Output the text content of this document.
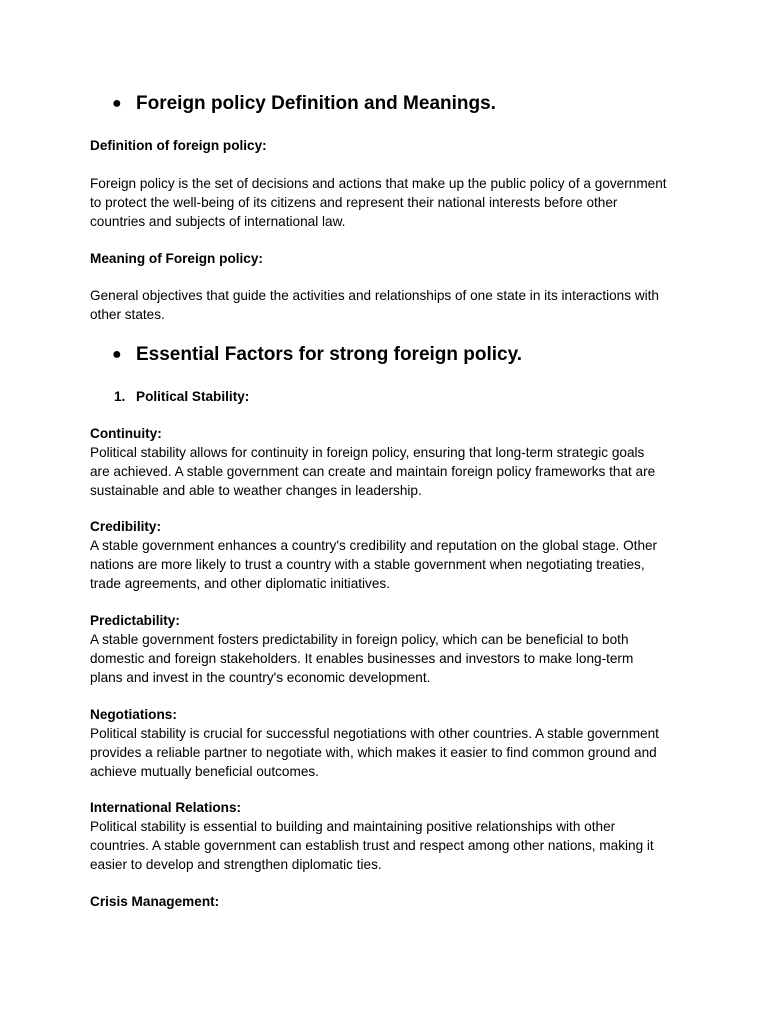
● Foreign policy Definition and Meanings.
Definition of foreign policy:
Foreign policy is the set of decisions and actions that make up the public policy of a government
to protect the well-being of its citizens and represent their national interests before other
countries and subjects of international law.
Meaning of Foreign policy:
General objectives that guide the activities and relationships of one state in its interactions with
other states.
● Essential Factors for strong foreign policy.
1. Political Stability:
Continuity:
Political stability allows for continuity in foreign policy, ensuring that long-term strategic goals
are achieved. A stable government can create and maintain foreign policy frameworks that are
sustainable and able to weather changes in leadership.
Credibility:
A stable government enhances a country's credibility and reputation on the global stage. Other
nations are more likely to trust a country with a stable government when negotiating treaties,
trade agreements, and other diplomatic initiatives.
Predictability:
A stable government fosters predictability in foreign policy, which can be beneficial to both
domestic and foreign stakeholders. It enables businesses and investors to make long-term
plans and invest in the country's economic development.
Negotiations:
Political stability is crucial for successful negotiations with other countries. A stable government
provides a reliable partner to negotiate with, which makes it easier to find common ground and
achieve mutually beneficial outcomes.
International Relations:
Political stability is essential to building and maintaining positive relationships with other
countries. A stable government can establish trust and respect among other nations, making it
easier to develop and strengthen diplomatic ties.
Crisis Management:
